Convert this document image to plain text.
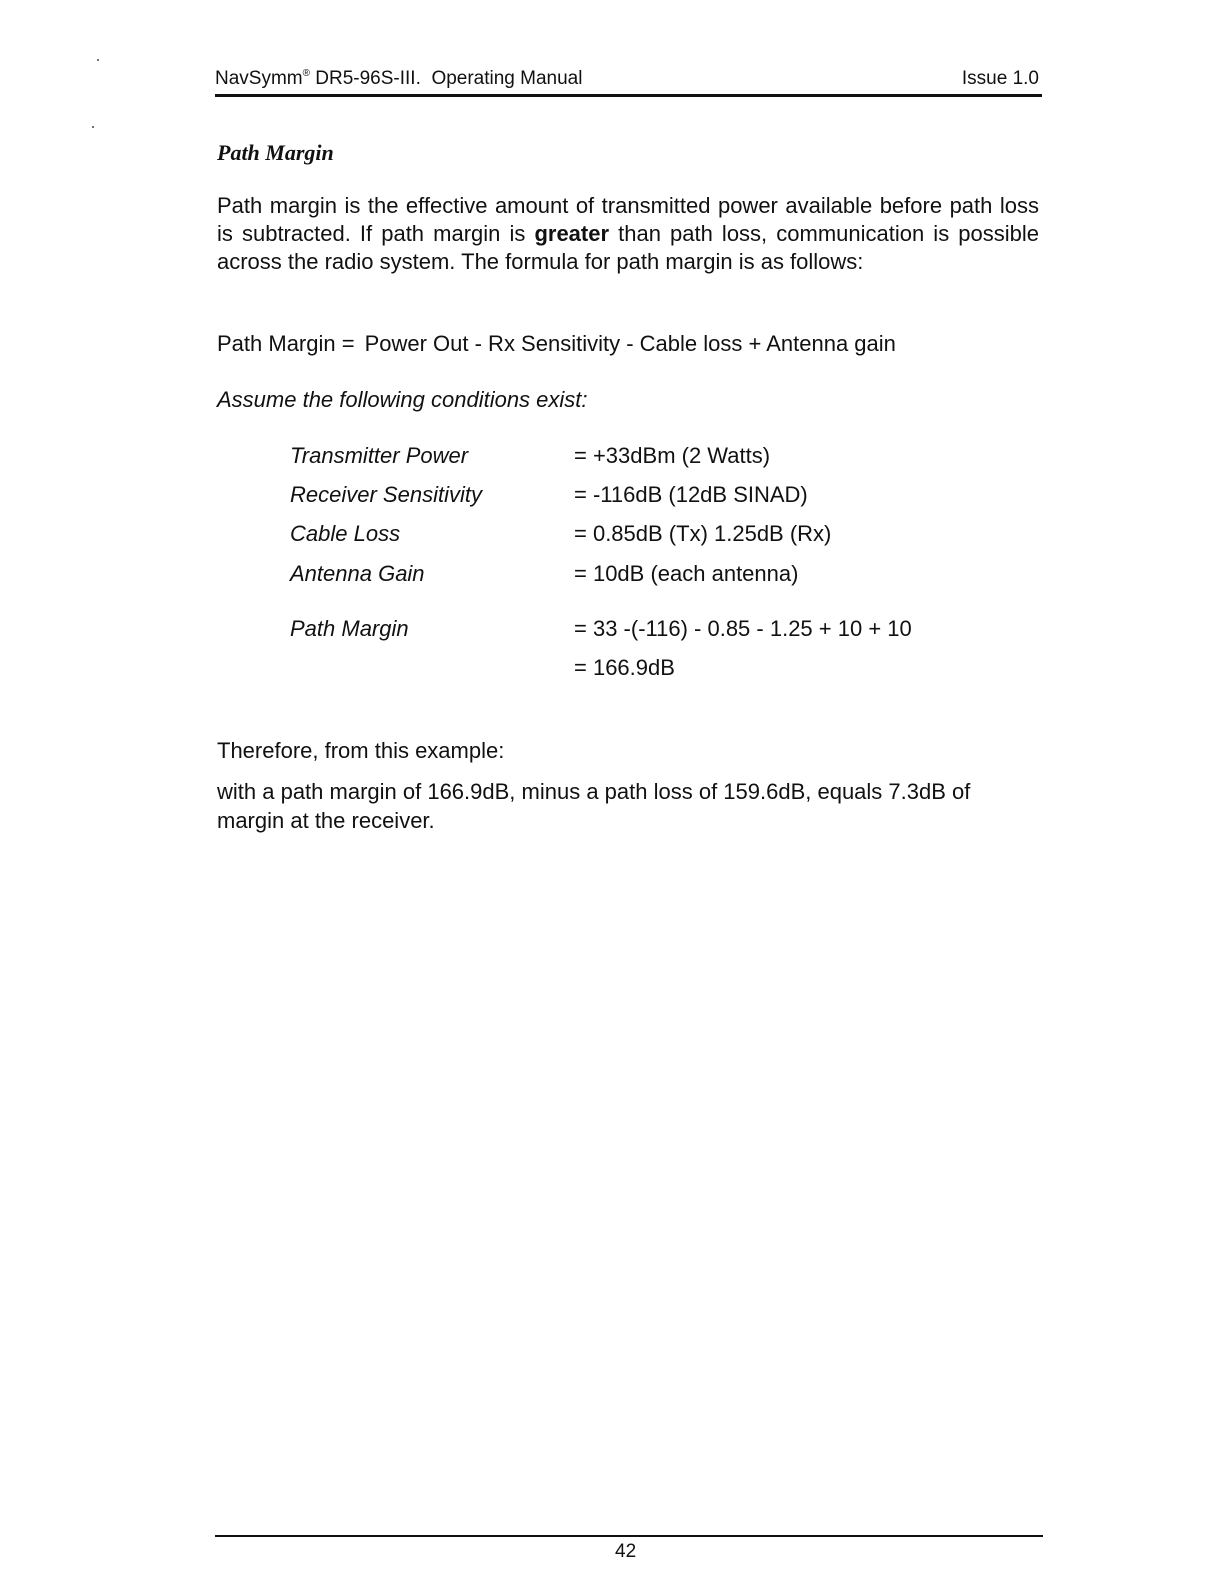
NavSymm® DR5-96S-III. Operating Manual	Issue 1.0
Path Margin

Path margin is the effective amount of transmitted power available before path loss is subtracted. If path margin is greater than path loss, communication is possible across the radio system. The formula for path margin is as follows:

Path Margin = Power Out - Rx Sensitivity - Cable loss + Antenna gain
Assume the following conditions exist:
Transmitter Power	= +33dBm (2 Watts)
Receiver Sensitivity	= -116dB (12dB SINAD)
Cable Loss	= 0.85dB (Tx) 1.25dB (Rx)
Antenna Gain	= 10dB (each antenna)
Path Margin	= 33 -(-116) - 0.85 - 1.25 + 10 + 10
= 166.9dB
Therefore, from this example:

with a path margin of 166.9dB, minus a path loss of 159.6dB, equals 7.3dB of margin at the receiver.

42
